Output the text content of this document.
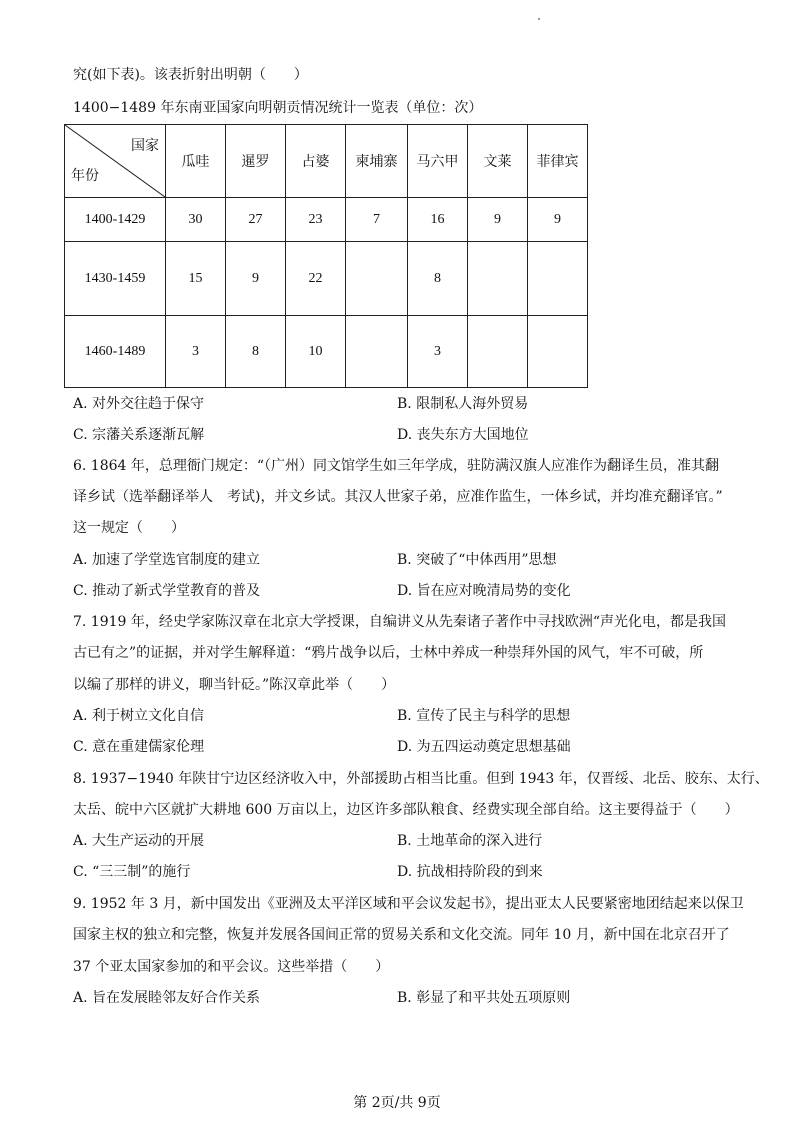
究(如下表)。该表折射出明朝（　　）
1400−1489 年东南亚国家向明朝贡情况统计一览表（单位：次）
国家
年份	瓜哇	暹罗	占婆	柬埔寨	马六甲	文莱	菲律宾
1400-1429	30	27	23	7	16	9	9
1430-1459	15	9	22		8		
1460-1489	3	8	10		3		
A. 对外交往趋于保守	B. 限制私人海外贸易
C. 宗藩关系逐渐瓦解	D. 丧失东方大国地位
6. 1864 年，总理衙门规定：“（广州）同文馆学生如三年学成，驻防满汉旗人应准作为翻译生员，准其翻
译乡试（选举翻译举人　考试)，并文乡试。其汉人世家子弟，应准作监生，一体乡试，并均准充翻译官。”
这一规定（　　）
A. 加速了学堂选官制度的建立	B. 突破了“中体西用”思想
C. 推动了新式学堂教育的普及	D. 旨在应对晚清局势的变化
7. 1919 年，经史学家陈汉章在北京大学授课，自编讲义从先秦诸子著作中寻找欧洲“声光化电，都是我国
古已有之”的证据，并对学生解释道：“鸦片战争以后，士林中养成一种崇拜外国的风气，牢不可破，所
以编了那样的讲义，聊当针砭。”陈汉章此举（　　）
A. 利于树立文化自信	B. 宣传了民主与科学的思想
C. 意在重建儒家伦理	D. 为五四运动奠定思想基础
8. 1937−1940 年陕甘宁边区经济收入中，外部援助占相当比重。但到 1943 年，仅晋绥、北岳、胶东、太行、
太岳、皖中六区就扩大耕地 600 万亩以上，边区许多部队粮食、经费实现全部自给。这主要得益于（　　）
A. 大生产运动的开展	B. 土地革命的深入进行
C. “三三制”的施行	D. 抗战相持阶段的到来
9. 1952 年 3 月，新中国发出《亚洲及太平洋区域和平会议发起书》，提出亚太人民要紧密地团结起来以保卫
国家主权的独立和完整，恢复并发展各国间正常的贸易关系和文化交流。同年 10 月，新中国在北京召开了
37 个亚太国家参加的和平会议。这些举措（　　）
A. 旨在发展睦邻友好合作关系	B. 彰显了和平共处五项原则
第 2页/共 9页
